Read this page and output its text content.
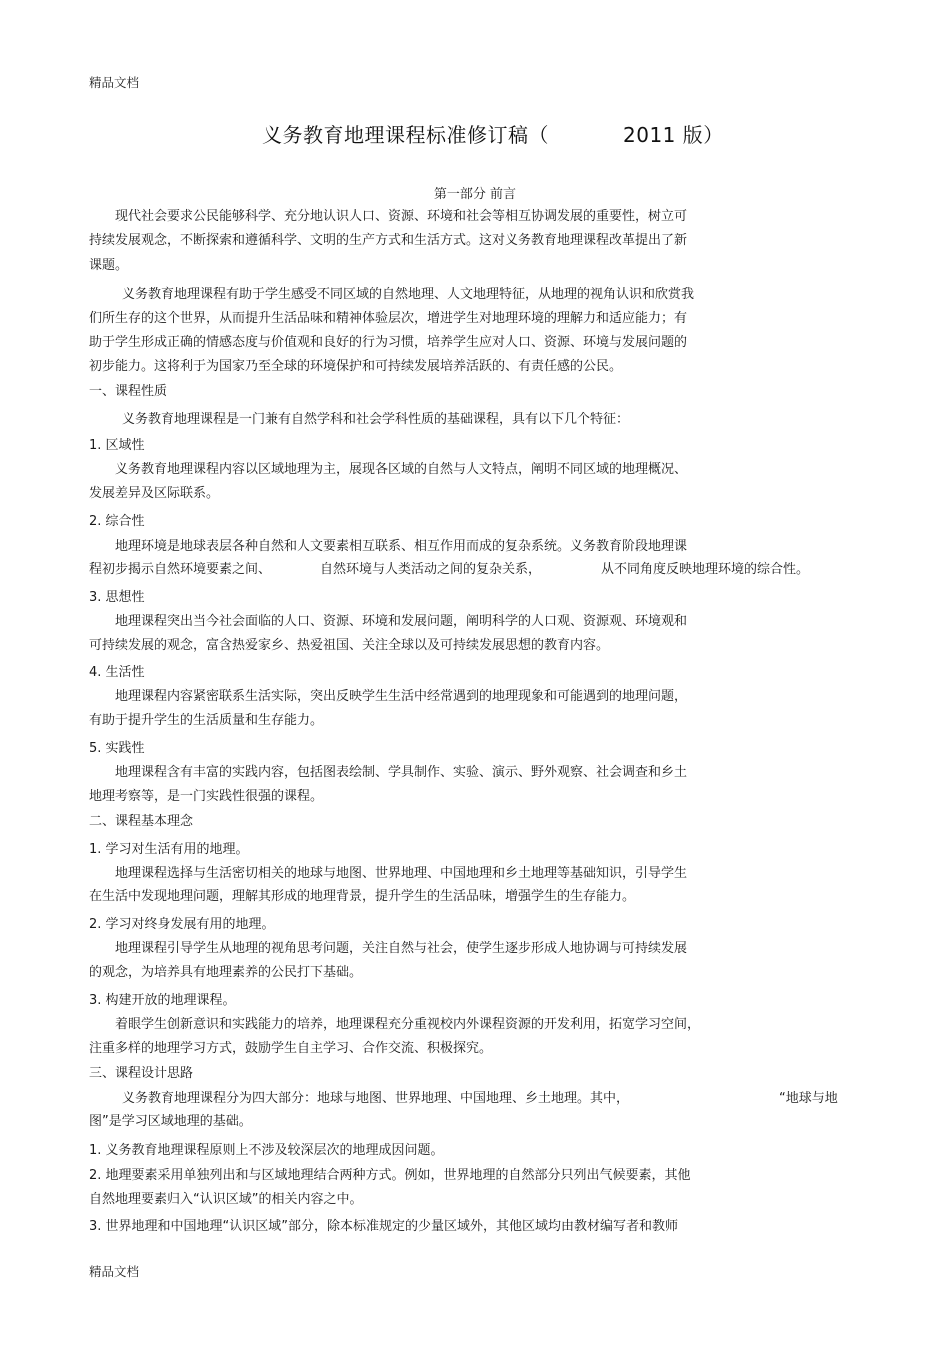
精品文档
义务教育地理课程标准修订稿（	2011 版）
第一部分 前言
现代社会要求公民能够科学、充分地认识人口、资源、环境和社会等相互协调发展的重要性，树立可
持续发展观念，不断探索和遵循科学、文明的生产方式和生活方式。这对义务教育地理课程改革提出了新
课题。
义务教育地理课程有助于学生感受不同区域的自然地理、人文地理特征，从地理的视角认识和欣赏我
们所生存的这个世界，从而提升生活品味和精神体验层次，增进学生对地理环境的理解力和适应能力；有
助于学生形成正确的情感态度与价值观和良好的行为习惯，培养学生应对人口、资源、环境与发展问题的
初步能力。这将利于为国家乃至全球的环境保护和可持续发展培养活跃的、有责任感的公民。
一、课程性质
义务教育地理课程是一门兼有自然学科和社会学科性质的基础课程，具有以下几个特征：
1. 区域性
义务教育地理课程内容以区域地理为主，展现各区域的自然与人文特点，阐明不同区域的地理概况、
发展差异及区际联系。
2. 综合性
地理环境是地球表层各种自然和人文要素相互联系、相互作用而成的复杂系统。义务教育阶段地理课
程初步揭示自然环境要素之间、	自然环境与人类活动之间的复杂关系，	从不同角度反映地理环境的综合性。
3. 思想性
地理课程突出当今社会面临的人口、资源、环境和发展问题，阐明科学的人口观、资源观、环境观和
可持续发展的观念，富含热爱家乡、热爱祖国、关注全球以及可持续发展思想的教育内容。
4. 生活性
地理课程内容紧密联系生活实际，突出反映学生生活中经常遇到的地理现象和可能遇到的地理问题，
有助于提升学生的生活质量和生存能力。
5. 实践性
地理课程含有丰富的实践内容，包括图表绘制、学具制作、实验、演示、野外观察、社会调查和乡土
地理考察等，是一门实践性很强的课程。
二、课程基本理念
1. 学习对生活有用的地理。
地理课程选择与生活密切相关的地球与地图、世界地理、中国地理和乡土地理等基础知识，引导学生
在生活中发现地理问题，理解其形成的地理背景，提升学生的生活品味，增强学生的生存能力。
2. 学习对终身发展有用的地理。
地理课程引导学生从地理的视角思考问题，关注自然与社会，使学生逐步形成人地协调与可持续发展
的观念，为培养具有地理素养的公民打下基础。
3. 构建开放的地理课程。
着眼学生创新意识和实践能力的培养，地理课程充分重视校内外课程资源的开发利用，拓宽学习空间，
注重多样的地理学习方式，鼓励学生自主学习、合作交流、积极探究。
三、课程设计思路
义务教育地理课程分为四大部分：地球与地图、世界地理、中国地理、乡土地理。其中，	“地球与地
图”是学习区域地理的基础。
1. 义务教育地理课程原则上不涉及较深层次的地理成因问题。
2. 地理要素采用单独列出和与区域地理结合两种方式。例如，世界地理的自然部分只列出气候要素，其他
自然地理要素归入“认识区域”的相关内容之中。
3. 世界地理和中国地理“认识区域”部分，除本标准规定的少量区域外，其他区域均由教材编写者和教师
精品文档
